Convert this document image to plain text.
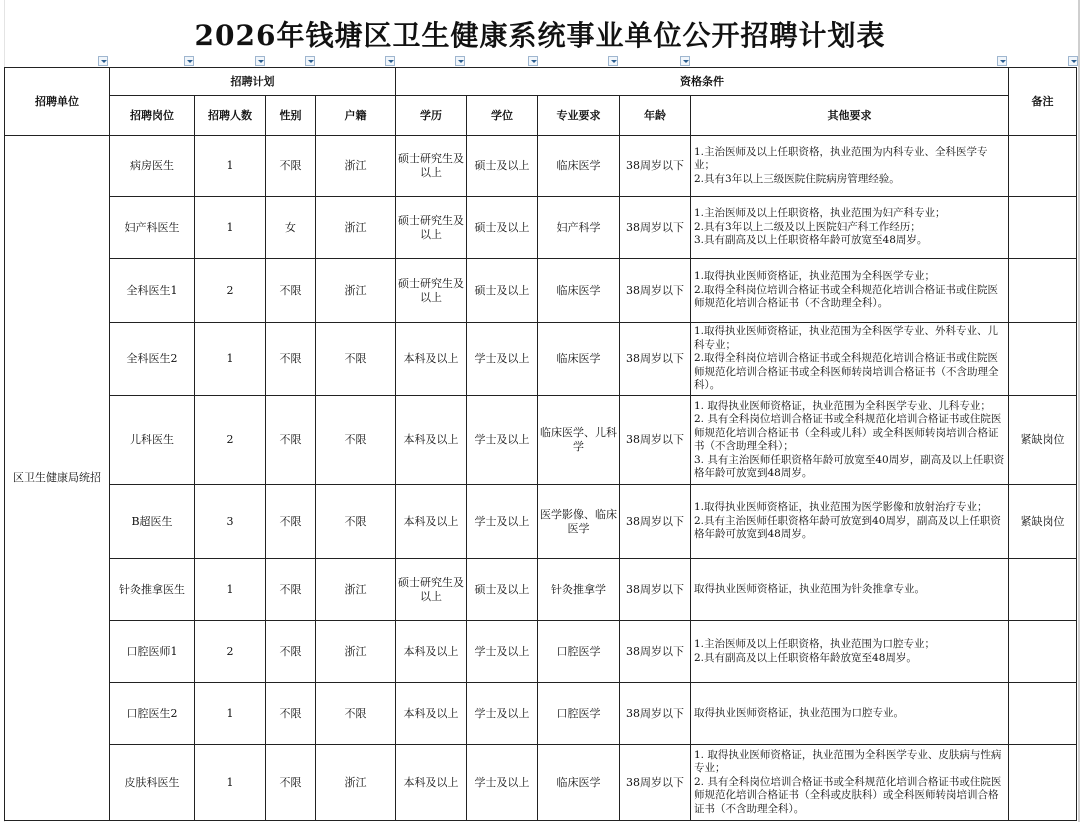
2026年钱塘区卫生健康系统事业单位公开招聘计划表
招聘单位	招聘计划				资格条件					备注
	招聘岗位	招聘人数	性别	户籍	学历	学位	专业要求	年龄	其他要求	
区卫生健康局统招	病房医生	1	不限	浙江	硕士研究生及以上	硕士及以上	临床医学	38周岁以下	1.主治医师及以上任职资格，执业范围为内科专业、全科医学专业；
2.具有3年以上三级医院住院病房管理经验。	

	妇产科医生	1	女	浙江	硕士研究生及以上	硕士及以上	妇产科学	38周岁以下	1.主治医师及以上任职资格，执业范围为妇产科专业；
2.具有3年以上二级及以上医院妇产科工作经历；
3.具有副高及以上任职资格年龄可放宽至48周岁。	

	全科医生1	2	不限	浙江	硕士研究生及以上	硕士及以上	临床医学	38周岁以下	1.取得执业医师资格证，执业范围为全科医学专业；
2.取得全科岗位培训合格证书或全科规范化培训合格证书或住院医师规范化培训合格证书（不含助理全科）。	

	全科医生2	1	不限	不限	本科及以上	学士及以上	临床医学	38周岁以下	1.取得执业医师资格证，执业范围为全科医学专业、外科专业、儿科专业；
2.取得全科岗位培训合格证书或全科规范化培训合格证书或住院医师规范化培训合格证书或全科医师转岗培训合格证书（不含助理全科）。	

	儿科医生	2	不限	不限	本科及以上	学士及以上	临床医学、儿科学	38周岁以下	1. 取得执业医师资格证，执业范围为全科医学专业、儿科专业；
2. 具有全科岗位培训合格证书或全科规范化培训合格证书或住院医师规范化培训合格证书（全科或儿科）或全科医师转岗培训合格证书（不含助理全科）；
3. 具有主治医师任职资格年龄可放宽至40周岁，副高及以上任职资格年龄可放宽到48周岁。	紧缺岗位
	B超医生	3	不限	不限	本科及以上	学士及以上	医学影像、临床医学	38周岁以下	1.取得执业医师资格证，执业范围为医学影像和放射治疗专业；
2.具有主治医师任职资格年龄可放宽到40周岁，副高及以上任职资格年龄可放宽到48周岁。	紧缺岗位
	针灸推拿医生	1	不限	浙江	硕士研究生及以上	硕士及以上	针灸推拿学	38周岁以下	取得执业医师资格证，执业范围为针灸推拿专业。	

	口腔医师1	2	不限	浙江	本科及以上	学士及以上	口腔医学	38周岁以下	1.主治医师及以上任职资格，执业范围为口腔专业；
2.具有副高及以上任职资格年龄放宽至48周岁。	

	口腔医生2	1	不限	不限	本科及以上	学士及以上	口腔医学	38周岁以下	取得执业医师资格证，执业范围为口腔专业。	

	皮肤科医生	1	不限	浙江	本科及以上	学士及以上	临床医学	38周岁以下	1. 取得执业医师资格证，执业范围为全科医学专业、皮肤病与性病专业；
2. 具有全科岗位培训合格证书或全科规范化培训合格证书或住院医师规范化培训合格证书（全科或皮肤科）或全科医师转岗培训合格证书（不含助理全科）。	
